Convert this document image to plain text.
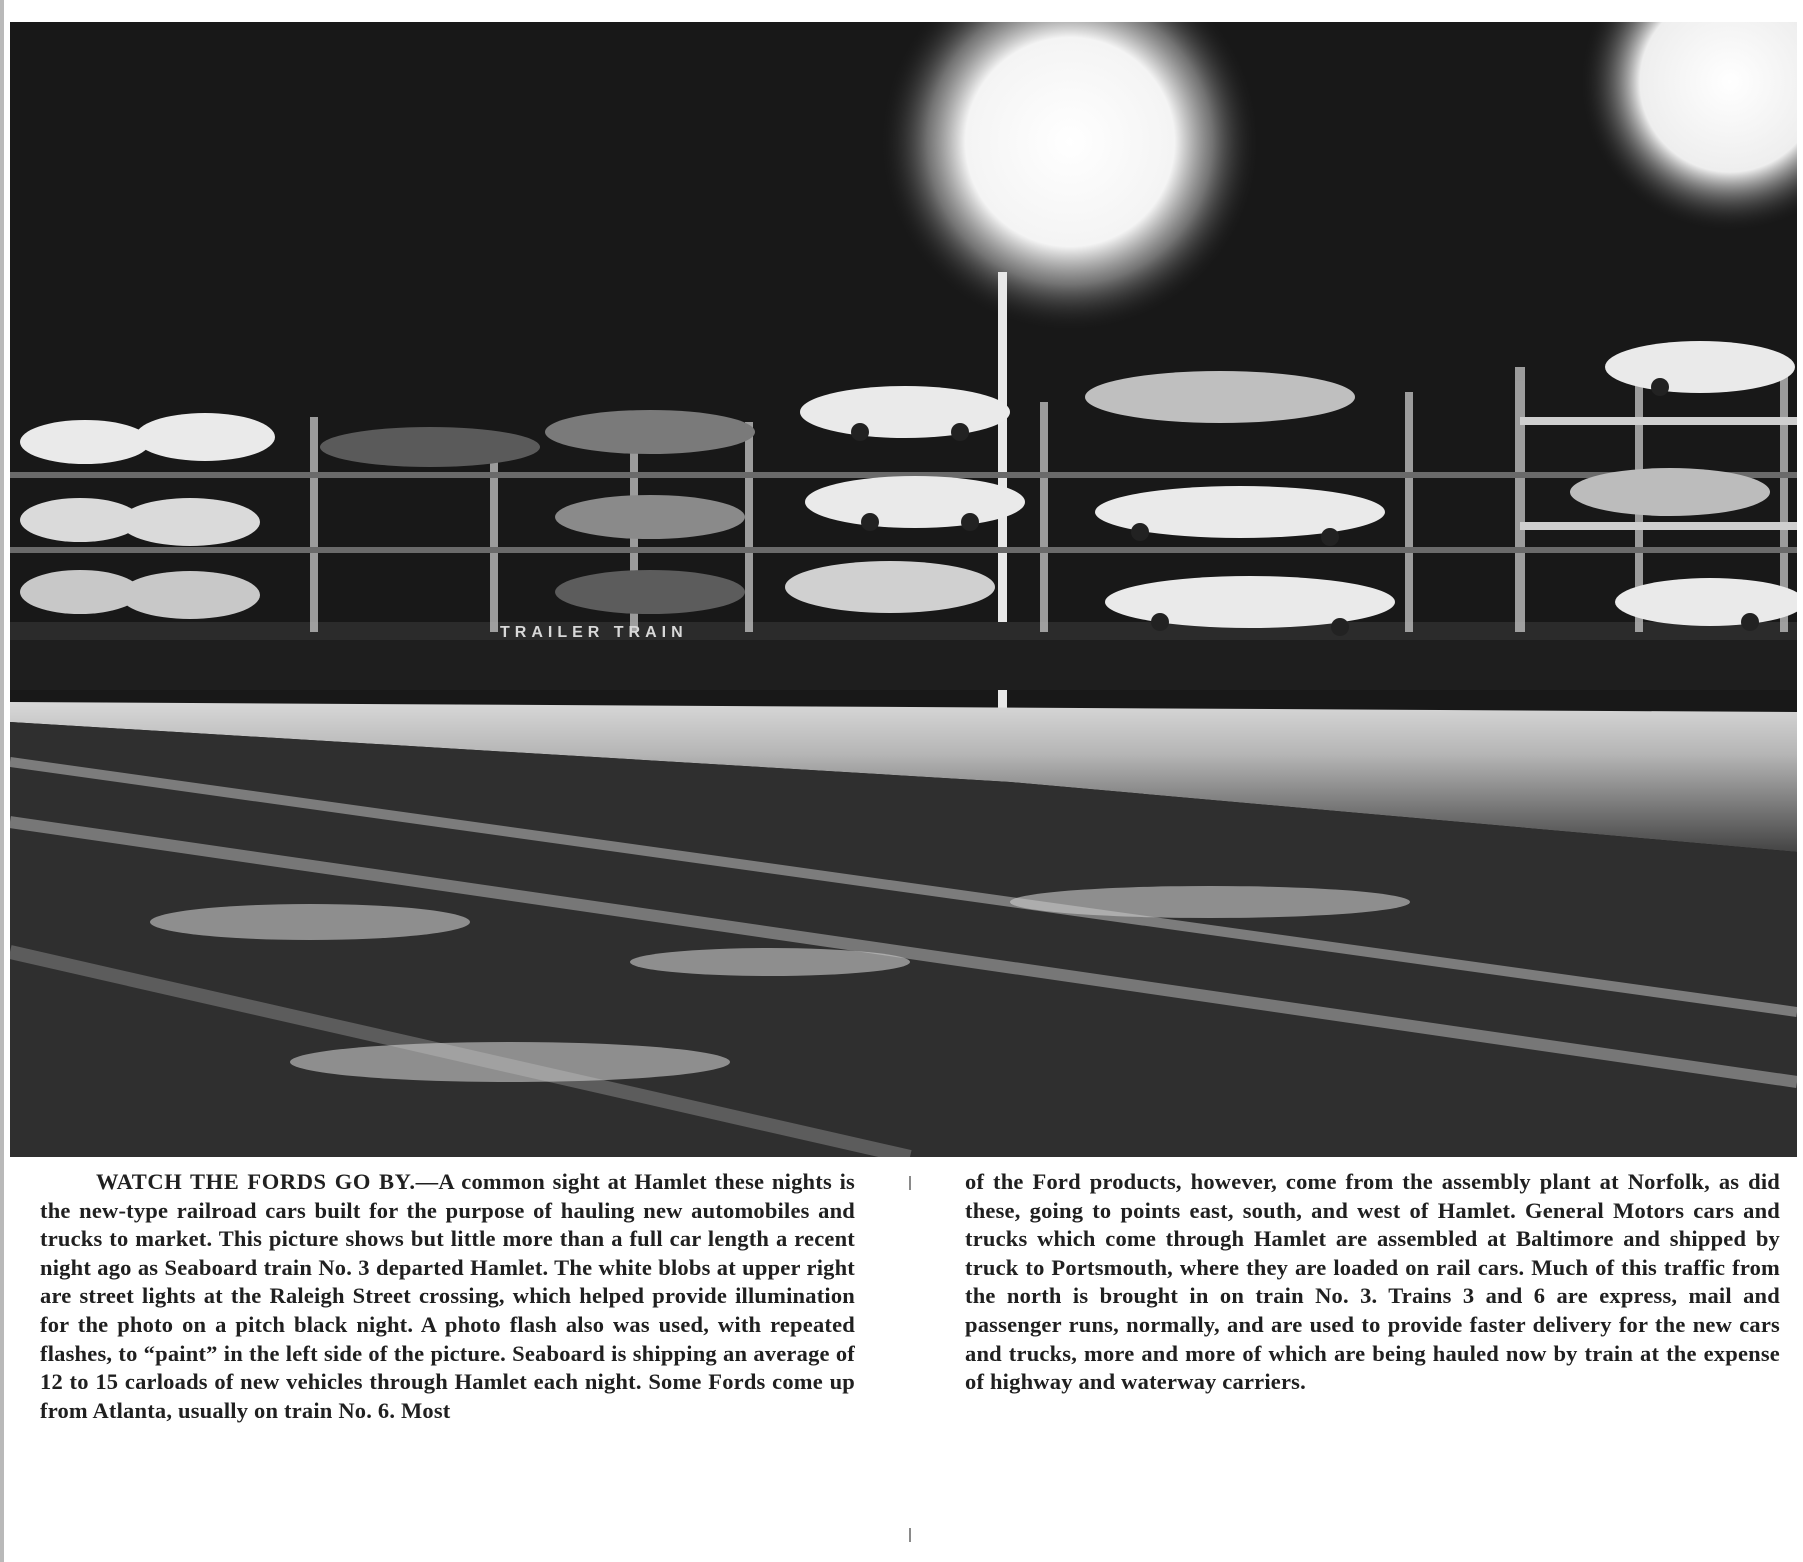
TRAILER TRAIN

WATCH THE FORDS GO BY.—A common sight at Hamlet these nights is the new-type railroad cars built for the purpose of hauling new automobiles and trucks to market. This picture shows but little more than a full car length a recent night ago as Seaboard train No. 3 departed Hamlet. The white blobs at upper right are street lights at the Raleigh Street crossing, which helped provide illumination for the photo on a pitch black night. A photo flash also was used, with repeated flashes, to “paint” in the left side of the picture. Seaboard is shipping an average of 12 to 15 carloads of new vehicles through Hamlet each night. Some Fords come up from Atlanta, usually on train No. 6. Most

of the Ford products, however, come from the assembly plant at Norfolk, as did these, going to points east, south, and west of Hamlet. General Motors cars and trucks which come through Hamlet are assembled at Baltimore and shipped by truck to Portsmouth, where they are loaded on rail cars. Much of this traffic from the north is brought in on train No. 3. Trains 3 and 6 are express, mail and passenger runs, normally, and are used to provide faster delivery for the new cars and trucks, more and more of which are being hauled now by train at the expense of highway and waterway carriers.
